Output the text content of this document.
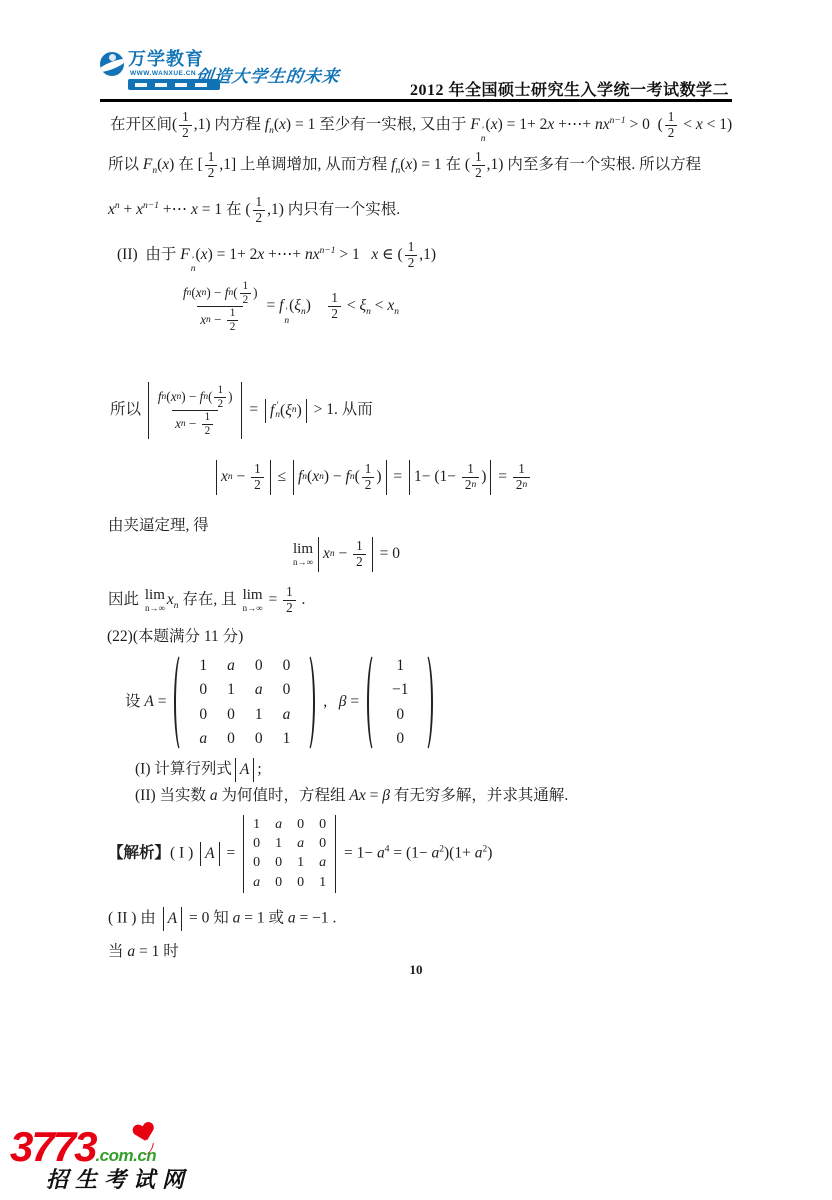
万学教育
WWW.WANXUE.CN
创造大学生的未来
2012 年全国硕士研究生入学统一考试数学二
在开区间( $\frac{1}{2} ,1$) 内方程 $f_n(x) = 1$ 至少有一实根, 又由于 F ′
n
(x) = 1+ 2x +⋯+ $nx^{n-1} > 0$  ( $\frac{1}{2} < x < 1$)
所以 $F_n(x)$ 在 [ $\frac{1}{2} ,1$] 上单调增加, 从而方程 $f_n(x) = 1$ 在 ( $\frac{1}{2} ,1$) 内至多有一个实根. 所以方程
$x^n + x^{n-1}$ +⋯ x = 1 在 ( $\frac{1}{2} ,1$) 内只有一个实根.
(II)  由于 F ′
n
(x) = 1+ 2x +⋯+ $nx^{n-1} > 1$   x ∈ ( $\frac{1}{2} ,1$)
f n ( x n ) − f n ( 1
2 )
x $n - \frac{1}{2} = f$ ′
n
$(\xi_n) \frac{1}{2} < \xi_n < x_n$
所以
f n ( x n ) − f n ( 1
2 )
x $n - \frac{1}{2}$
= f ′
n ( ξ n ) > 1. 从而
x $n - \frac{1}{2} \le f$ n ( x n ) − f n ( 1
2 ) = $1- (1- \frac{1}{2 n}$ ) = $\frac{1}{2 n}$
由夹逼定理, 得
lim
n→∞ x $n - \frac{1}{2} = 0$
因此 lim
n→∞ $x_n$ 存在, 且 lim
$n\to\infty = \frac{1}{2}$ .
(22)(本题满分 11 分)
设 A =
1 a 0 0
0 1 a 0
0 0 1 a
a 0 0 1
,   β =
1
−1
0
0
(I) 计算行列式 A ;
(II) 当实数 a 为何值时，方程组 Ax = β 有无穷多解，并求其通解.
【解析】( I ) A =
1 a 0 0
0 1 a 0
0 0 1 a
a 0 0 1
= $1- a^4 = (1- a^2)(1+ a^2)$
( II ) 由 A = 0 知 a = 1 或 a = −1 .
当 a = 1 时
10
3773.com.cn
招生考试网
